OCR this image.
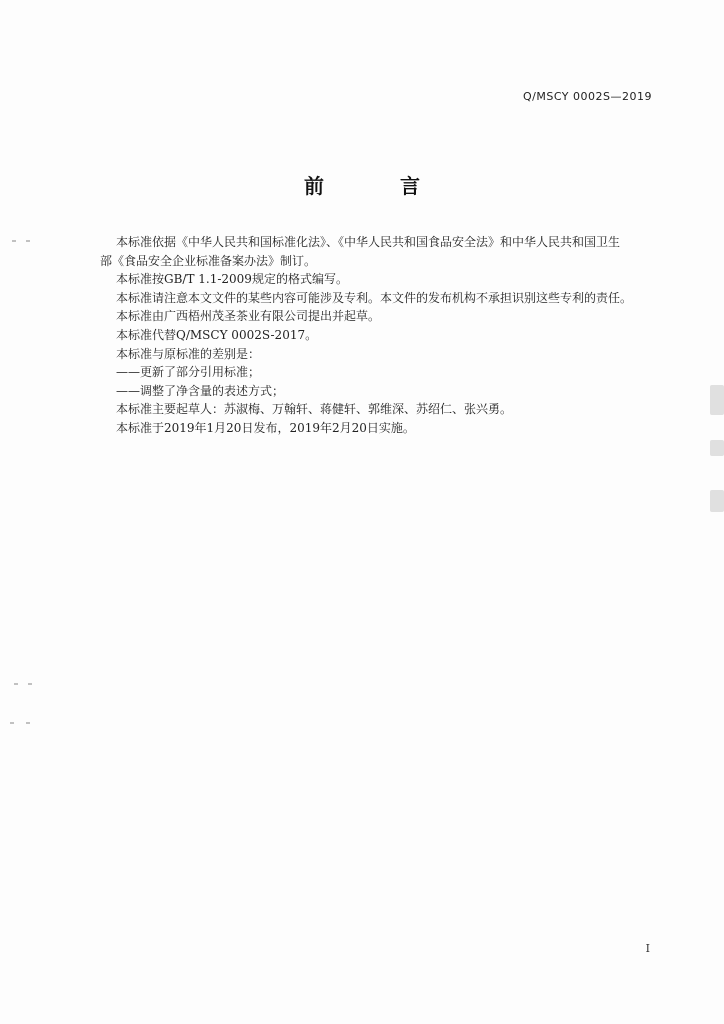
Q/MSCY 0002S—2019
前　言

本标准依据《中华人民共和国标准化法》、《中华人民共和国食品安全法》和中华人民共和国卫生

部《食品安全企业标准备案办法》制订。

本标准按GB/T 1.1-2009规定的格式编写。

本标准请注意本文文件的某些内容可能涉及专利。本文件的发布机构不承担识别这些专利的责任。

本标准由广西梧州茂圣茶业有限公司提出并起草。

本标准代替Q/MSCY 0002S-2017。

本标准与原标准的差别是：

——更新了部分引用标准；

——调整了净含量的表述方式；

本标准主要起草人：苏淑梅、万翰轩、蒋健轩、郭维深、苏绍仁、张兴勇。

本标准于2019年1月20日发布，2019年2月20日实施。

I
